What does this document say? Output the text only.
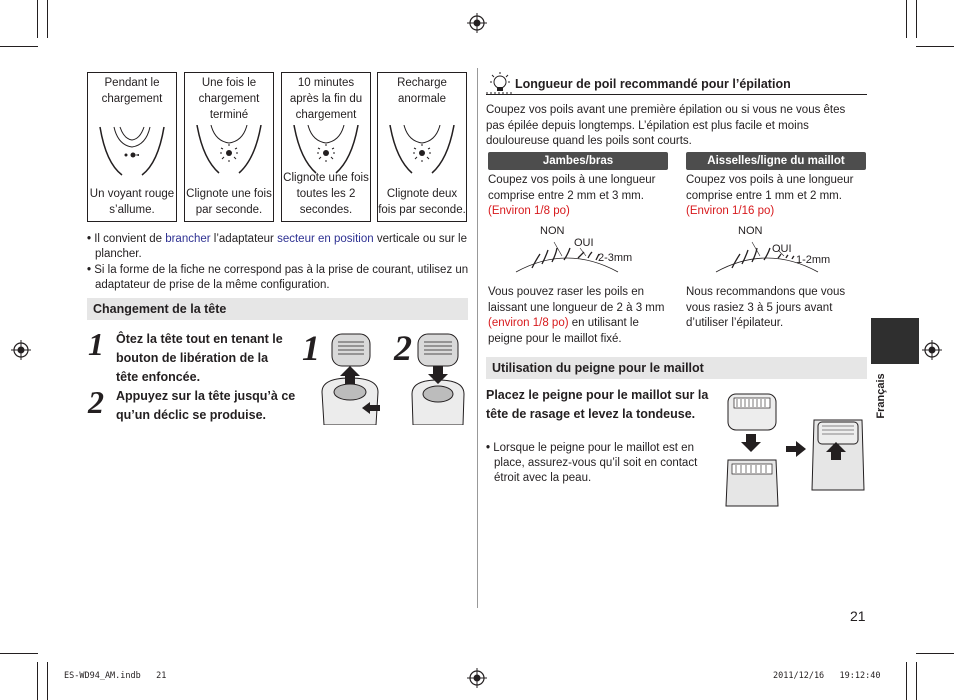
Pendant le chargement
Un voyant rouge s’allume.
Une fois le chargement terminé
Clignote une fois par seconde.
10 minutes après la fin du chargement
Clignote une fois toutes les 2 secondes.
Recharge anormale
Clignote deux fois par seconde.
• Il convient de brancher l’adaptateur secteur en position verticale ou sur le plancher.
• Si la forme de la fiche ne correspond pas à la prise de courant, utilisez un adaptateur de prise de la même configuration.
Changement de la tête
1 Ôtez la tête tout en tenant le bouton de libération de la tête enfoncée.
2 Appuyez sur la tête jusqu’à ce qu’un déclic se produise.
1 2
Longueur de poil recommandé pour l’épilation
Coupez vos poils avant une première épilation ou si vous ne vous êtes pas épilée depuis longtemps. L’épilation est plus facile et moins douloureuse quand les poils sont courts.
Jambes/bras
Coupez vos poils à une longueur comprise entre 2 mm et 3 mm.
(Environ 1/8 po)
NON
OUI
2-3mm
Vous pouvez raser les poils en laissant une longueur de 2 à 3 mm (environ 1/8 po) en utilisant le peigne pour le maillot fixé.
Aisselles/ligne du maillot
Coupez vos poils à une longueur comprise entre 1 mm et 2 mm.
(Environ 1/16 po)
NON
OUI
1-2mm
Nous recommandons que vous vous rasiez 3 à 5 jours avant d’utiliser l’épilateur.
Utilisation du peigne pour le maillot
Placez le peigne pour le maillot sur la tête de rasage et levez la tondeuse.
• Lorsque le peigne pour le maillot est en place, assurez-vous qu’il soit en contact étroit avec la peau.
Français
21
ES-WD94_AM.indb   21	2011/12/16   19:12:40
